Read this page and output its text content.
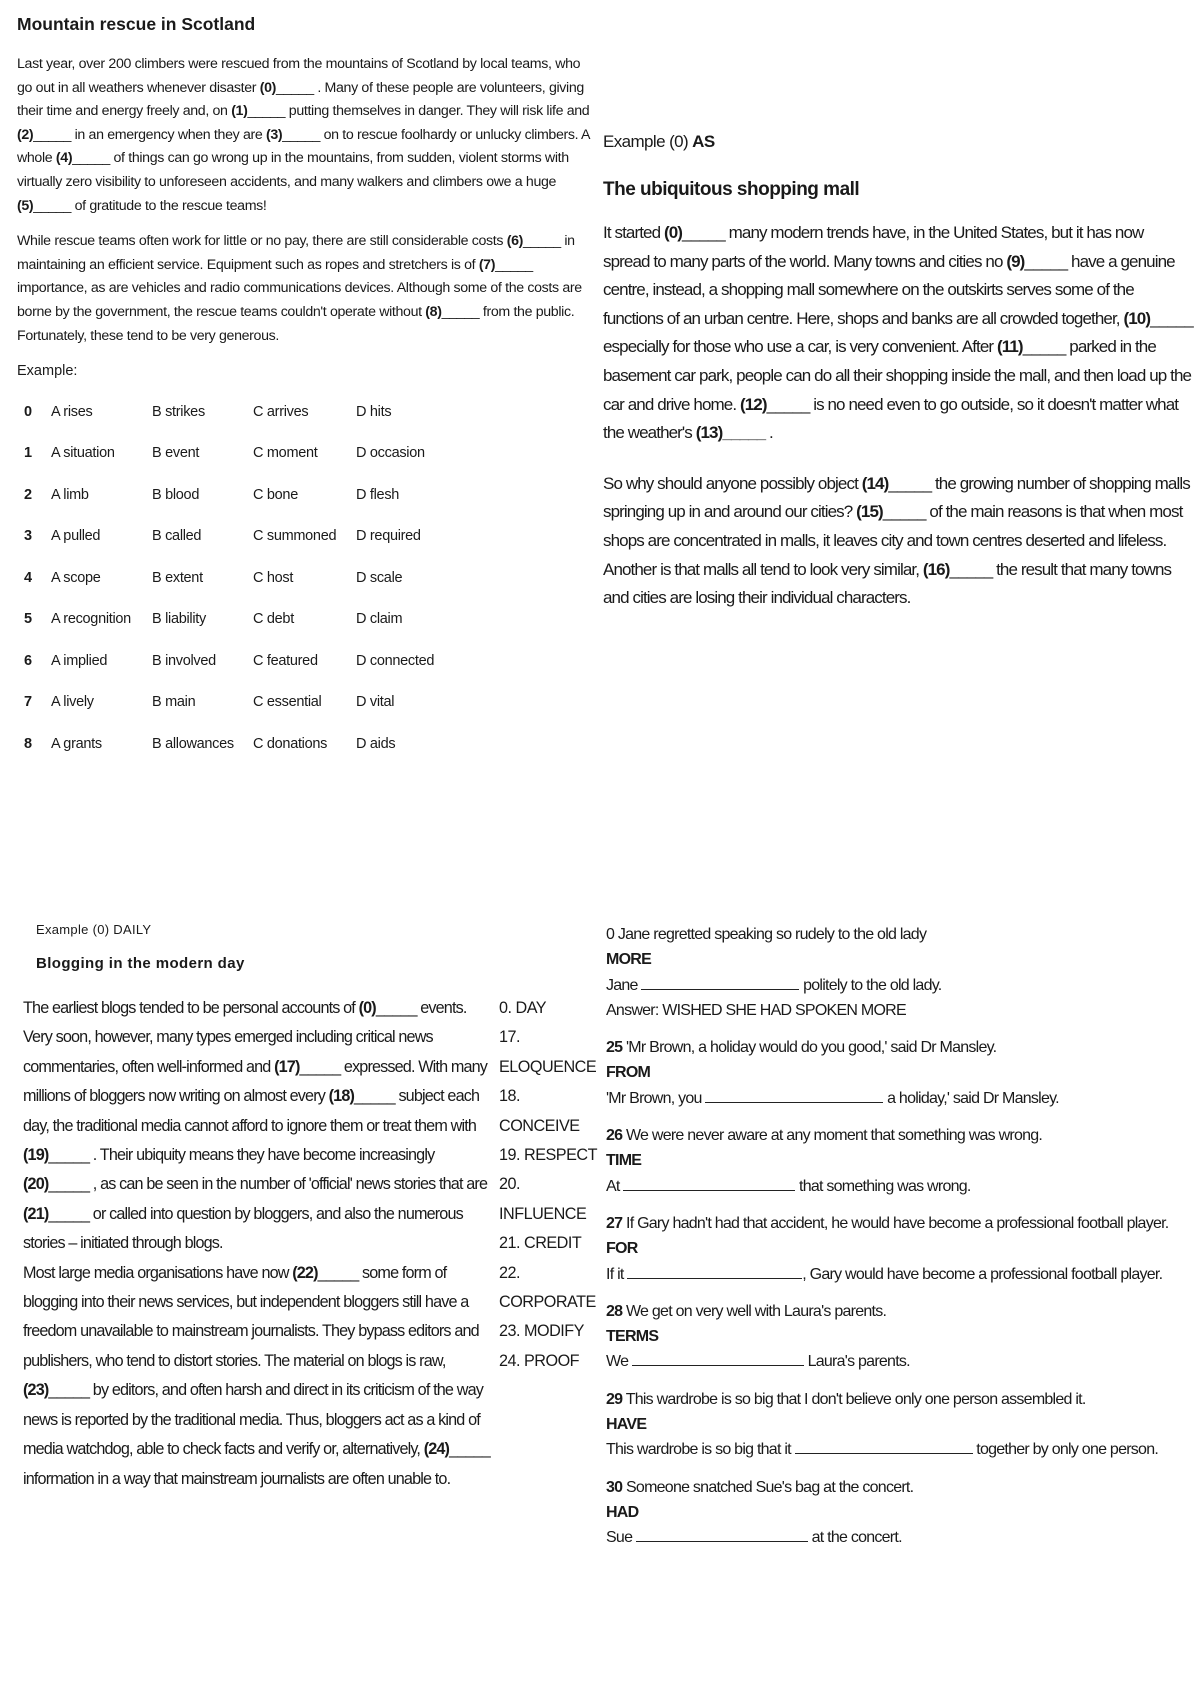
Mountain rescue in Scotland

Last year, over 200 climbers were rescued from the mountains of Scotland by local teams, who go out in all weathers whenever disaster (0)_____ . Many of these people are volunteers, giving their time and energy freely and, on (1)_____ putting themselves in danger. They will risk life and (2)_____ in an emergency when they are (3)_____ on to rescue foolhardy or unlucky climbers. A whole (4)_____ of things can go wrong up in the mountains, from sudden, violent storms with virtually zero visibility to unforeseen accidents, and many walkers and climbers owe a huge (5)_____ of gratitude to the rescue teams!

While rescue teams often work for little or no pay, there are still considerable costs (6)_____ in maintaining an efficient service. Equipment such as ropes and stretchers is of (7)_____ importance, as are vehicles and radio communications devices. Although some of the costs are borne by the government, the rescue teams couldn't operate without (8)_____ from the public. Fortunately, these tend to be very generous.

Example:
0	A rises	B strikes	C arrives	D hits
1	A situation	B event	C moment	D occasion
2	A limb	B blood	C bone	D flesh
3	A pulled	B called	C summoned	D required
4	A scope	B extent	C host	D scale
5	A recognition	B liability	C debt	D claim
6	A implied	B involved	C featured	D connected
7	A lively	B main	C essential	D vital
8	A grants	B allowances	C donations	D aids
Example (0) AS
The ubiquitous shopping mall

It started (0)_____ many modern trends have, in the United States, but it has now spread to many parts of the world. Many towns and cities no (9)_____ have a genuine centre, instead, a shopping mall somewhere on the outskirts serves some of the functions of an urban centre. Here, shops and banks are all crowded together, (10)_____ especially for those who use a car, is very convenient. After (11)_____ parked in the basement car park, people can do all their shopping inside the mall, and then load up the car and drive home. (12)_____ is no need even to go outside, so it doesn't matter what the weather's (13)_____ .

So why should anyone possibly object (14)_____ the growing number of shopping malls springing up in and around our cities? (15)_____ of the main reasons is that when most shops are concentrated in malls, it leaves city and town centres deserted and lifeless. Another is that malls all tend to look very similar, (16)_____ the result that many towns and cities are losing their individual characters.

Example (0) DAILY
Blogging in the modern day

The earliest blogs tended to be personal accounts of (0)_____ events. Very soon, however, many types emerged including critical news commentaries, often well-informed and (17)_____ expressed. With many millions of bloggers now writing on almost every (18)_____ subject each day, the traditional media cannot afford to ignore them or treat them with (19)_____ . Their ubiquity means they have become increasingly (20)_____ , as can be seen in the number of 'official' news stories that are (21)_____ or called into question by bloggers, and also the numerous stories – initiated through blogs.
Most large media organisations have now (22)_____ some form of blogging into their news services, but independent bloggers still have a freedom unavailable to mainstream journalists. They bypass editors and publishers, who tend to distort stories. The material on blogs is raw, (23)_____ by editors, and often harsh and direct in its criticism of the way news is reported by the traditional media. Thus, bloggers act as a kind of media watchdog, able to check facts and verify or, alternatively, (24)_____ information in a way that mainstream journalists are often unable to.

0. DAY
17.
ELOQUENCE
18.
CONCEIVE
19. RESPECT
20.
INFLUENCE
21. CREDIT
22.
CORPORATE
23. MODIFY
24. PROOF
0 Jane regretted speaking so rudely to the old lady
MORE
Jane	politely to the old lady.
Answer: WISHED SHE HAD SPOKEN MORE
25 'Mr Brown, a holiday would do you good,' said Dr Mansley.
FROM
'Mr Brown, you	a holiday,' said Dr Mansley.
26 We were never aware at any moment that something was wrong.
TIME
At	that something was wrong.
27 If Gary hadn't had that accident, he would have become a professional football player.
FOR
If it	, Gary would have become a professional football player.
28 We get on very well with Laura's parents.
TERMS
We	Laura's parents.
29 This wardrobe is so big that I don't believe only one person assembled it.
HAVE
This wardrobe is so big that it	together by only one person.
30 Someone snatched Sue's bag at the concert.
HAD
Sue	at the concert.
